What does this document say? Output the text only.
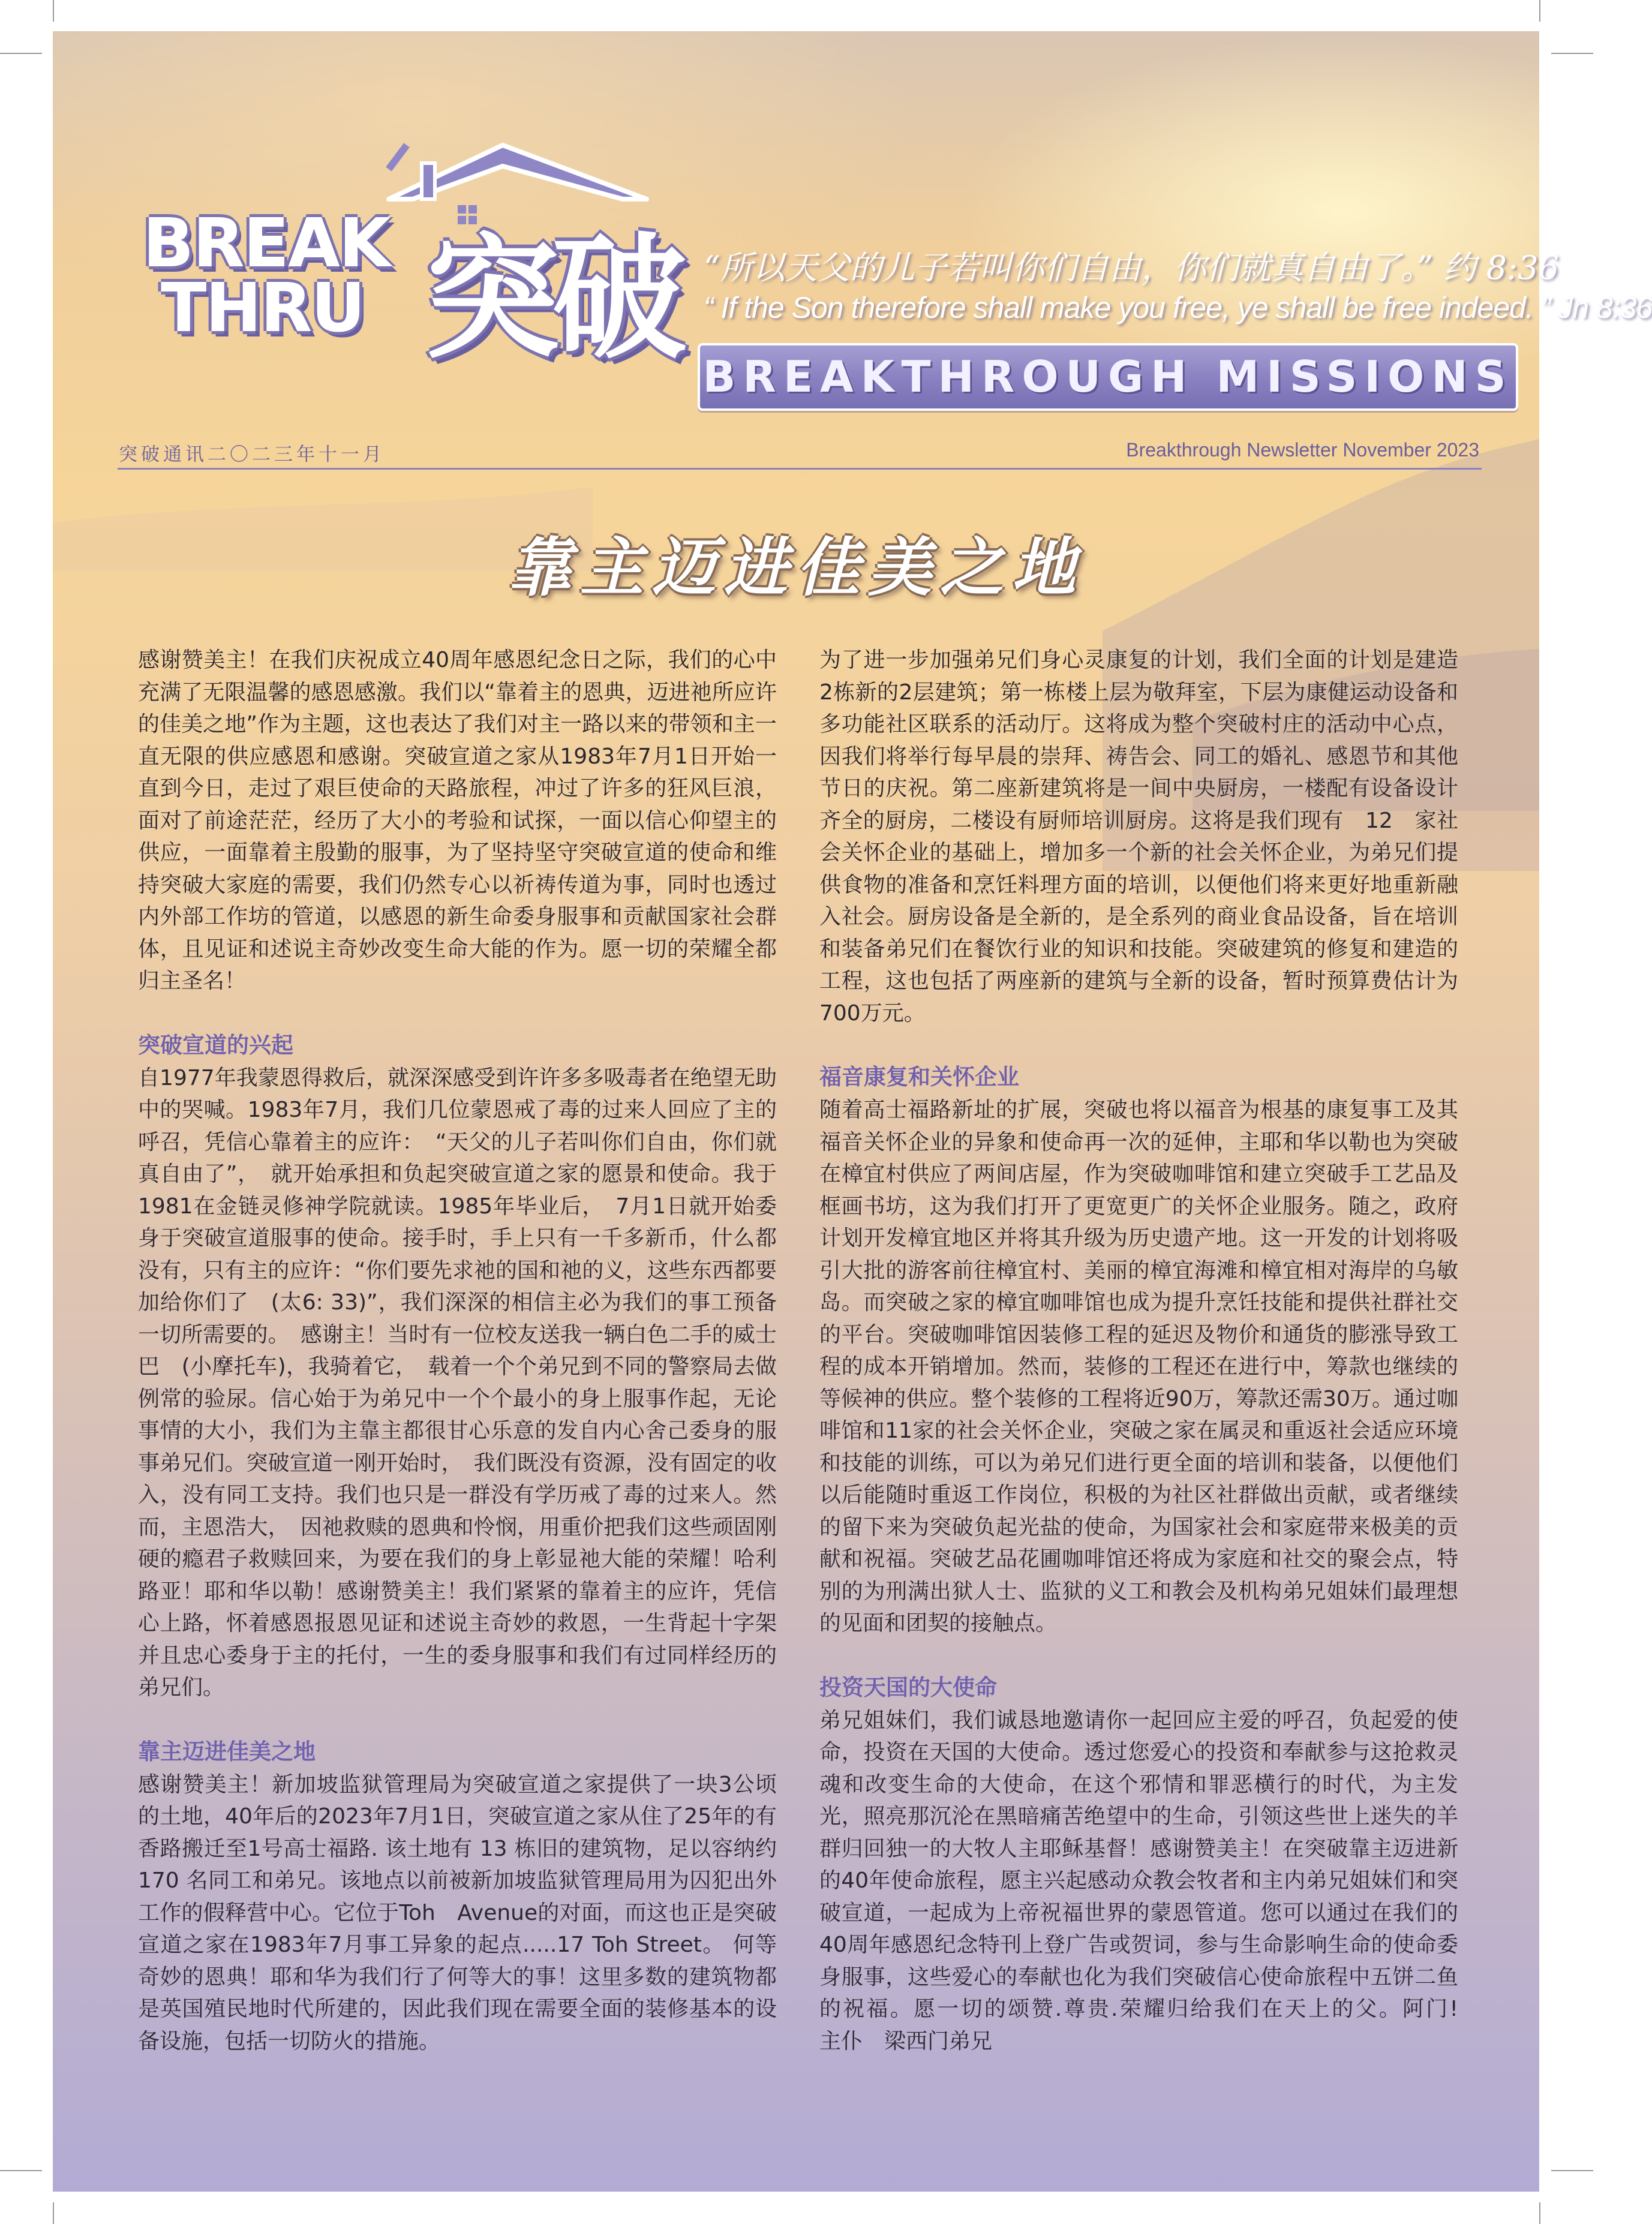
BREAK
THRU 突破 “所以天父的儿子若叫你们自由，你们就真自由了。” 约 8:36
“ If the Son therefore shall make you free, ye shall be free indeed. ” Jn 8:36
BREAKTHROUGH MISSIONS
突破通讯二〇二三年十一月	Breakthrough Newsletter November 2023
靠主迈进佳美之地

感谢赞美主！在我们庆祝成立40周年感恩纪念日之际，我们的心中充满了无限温馨的感恩感激。我们以“靠着主的恩典，迈进祂所应许的佳美之地”作为主题，这也表达了我们对主一路以来的带领和主一直无限的供应感恩和感谢。突破宣道之家从1983年7月1日开始一直到今日，走过了艰巨使命的天路旅程，冲过了许多的狂风巨浪，面对了前途茫茫，经历了大小的考验和试探，一面以信心仰望主的供应，一面靠着主殷勤的服事，为了坚持坚守突破宣道的使命和维持突破大家庭的需要，我们仍然专心以祈祷传道为事，同时也透过内外部工作坊的管道，以感恩的新生命委身服事和贡献国家社会群体，且见证和述说主奇妙改变生命大能的作为。愿一切的荣耀全都归主圣名！

突破宣道的兴起

自1977年我蒙恩得救后，就深深感受到许许多多吸毒者在绝望无助中的哭喊。1983年7月，我们几位蒙恩戒了毒的过来人回应了主的呼召，凭信心靠着主的应许：　“天父的儿子若叫你们自由，你们就真自由了”，　就开始承担和负起突破宣道之家的愿景和使命。我于1981在金链灵修神学院就读。1985年毕业后，　7月1日就开始委身于突破宣道服事的使命。接手时，手上只有一千多新币，什么都没有，只有主的应许：“你们要先求祂的国和祂的义，这些东西都要加给你们了　(太6: 33)”，我们深深的相信主必为我们的事工预备一切所需要的。　感谢主！当时有一位校友送我一辆白色二手的威士巴　(小摩托车)，我骑着它，　载着一个个弟兄到不同的警察局去做例常的验尿。信心始于为弟兄中一个个最小的身上服事作起，无论事情的大小，我们为主靠主都很甘心乐意的发自内心舍己委身的服事弟兄们。突破宣道一刚开始时，　我们既没有资源，没有固定的收入，没有同工支持。我们也只是一群没有学历戒了毒的过来人。然而，主恩浩大，　因祂救赎的恩典和怜悯，用重价把我们这些顽固刚硬的瘾君子救赎回来，为要在我们的身上彰显祂大能的荣耀！哈利路亚！耶和华以勒！感谢赞美主！我们紧紧的靠着主的应许，凭信心上路，怀着感恩报恩见证和述说主奇妙的救恩，一生背起十字架并且忠心委身于主的托付，一生的委身服事和我们有过同样经历的弟兄们。

靠主迈进佳美之地

感谢赞美主！新加坡监狱管理局为突破宣道之家提供了一块3公顷的土地，40年后的2023年7月1日，突破宣道之家从住了25年的有香路搬迁至1号高士福路. 该土地有 13 栋旧的建筑物，足以容纳约 170 名同工和弟兄。该地点以前被新加坡监狱管理局用为囚犯出外工作的假释营中心。它位于Toh　Avenue的对面，而这也正是突破宣道之家在1983年7月事工异象的起点.....17 Toh Street。 何等奇妙的恩典！耶和华为我们行了何等大的事！这里多数的建筑物都是英国殖民地时代所建的，因此我们现在需要全面的装修基本的设备设施，包括一切防火的措施。

为了进一步加强弟兄们身心灵康复的计划，我们全面的计划是建造2栋新的2层建筑；第一栋楼上层为敬拜室，下层为康健运动设备和多功能社区联系的活动厅。这将成为整个突破村庄的活动中心点，因我们将举行每早晨的崇拜、祷告会、同工的婚礼、感恩节和其他节日的庆祝。第二座新建筑将是一间中央厨房，一楼配有设备设计齐全的厨房，二楼设有厨师培训厨房。这将是我们现有　12　家社会关怀企业的基础上，增加多一个新的社会关怀企业，为弟兄们提供食物的准备和烹饪料理方面的培训，以便他们将来更好地重新融入社会。厨房设备是全新的，是全系列的商业食品设备，旨在培训和装备弟兄们在餐饮行业的知识和技能。突破建筑的修复和建造的工程，这也包括了两座新的建筑与全新的设备，暂时预算费估计为700万元。

福音康复和关怀企业

随着高士福路新址的扩展，突破也将以福音为根基的康复事工及其福音关怀企业的异象和使命再一次的延伸，主耶和华以勒也为突破在樟宜村供应了两间店屋，作为突破咖啡馆和建立突破手工艺品及框画书坊，这为我们打开了更宽更广的关怀企业服务。随之，政府计划开发樟宜地区并将其升级为历史遗产地。这一开发的计划将吸引大批的游客前往樟宜村、美丽的樟宜海滩和樟宜相对海岸的乌敏岛。而突破之家的樟宜咖啡馆也成为提升烹饪技能和提供社群社交的平台。突破咖啡馆因装修工程的延迟及物价和通货的膨涨导致工程的成本开销增加。然而，装修的工程还在进行中，筹款也继续的等候神的供应。整个装修的工程将近90万，筹款还需30万。通过咖啡馆和11家的社会关怀企业，突破之家在属灵和重返社会适应环境和技能的训练，可以为弟兄们进行更全面的培训和装备，以便他们以后能随时重返工作岗位，积极的为社区社群做出贡献，或者继续的留下来为突破负起光盐的使命，为国家社会和家庭带来极美的贡献和祝福。突破艺品花圃咖啡馆还将成为家庭和社交的聚会点，特别的为刑满出狱人士、监狱的义工和教会及机构弟兄姐妹们最理想的见面和团契的接触点。

投资天国的大使命

弟兄姐妹们，我们诚恳地邀请你一起回应主爱的呼召，负起爱的使命，投资在天国的大使命。透过您爱心的投资和奉献参与这抢救灵魂和改变生命的大使命，在这个邪情和罪恶横行的时代，为主发光，照亮那沉沦在黑暗痛苦绝望中的生命，引领这些世上迷失的羊群归回独一的大牧人主耶稣基督！感谢赞美主！在突破靠主迈进新的40年使命旅程，愿主兴起感动众教会牧者和主内弟兄姐妹们和突破宣道，一起成为上帝祝福世界的蒙恩管道。您可以通过在我们的40周年感恩纪念特刊上登广告或贺词，参与生命影响生命的使命委身服事，这些爱心的奉献也化为我们突破信心使命旅程中五饼二鱼的祝福。愿一切的颂赞.尊贵.荣耀归给我们在天上的父。阿门!　　主仆　梁西门弟兄
